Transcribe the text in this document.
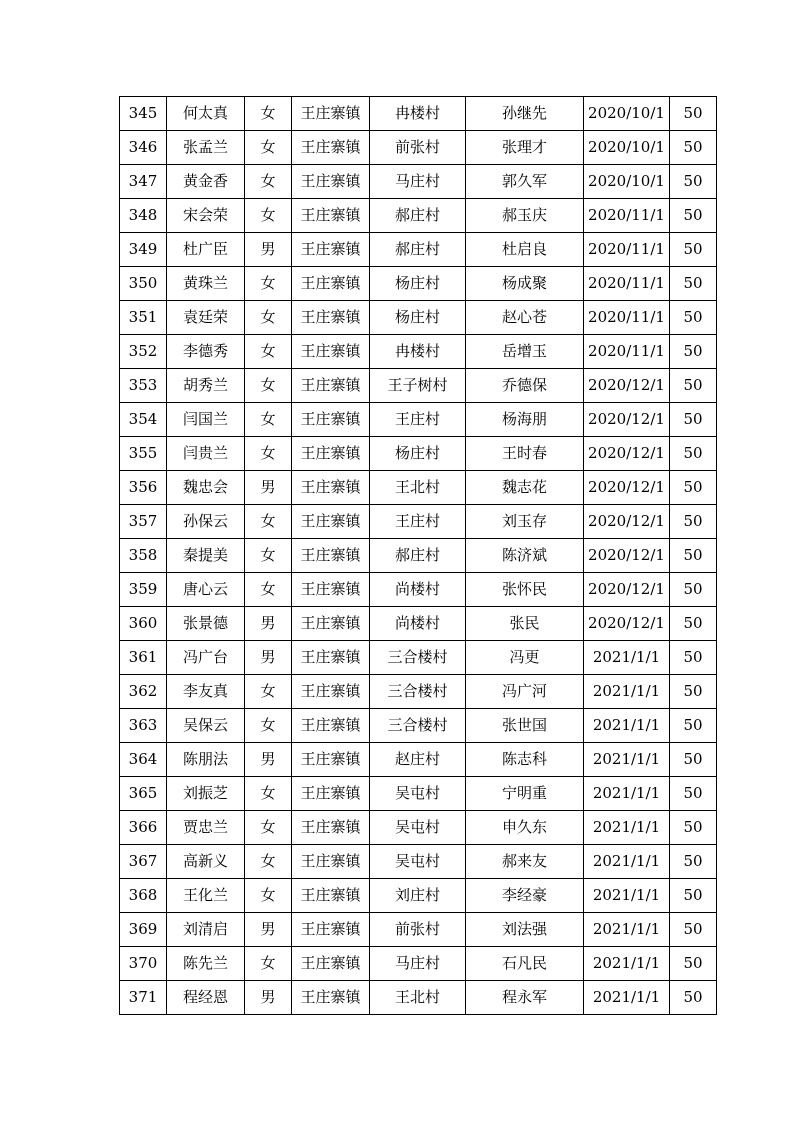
345	何太真	女	王庄寨镇	冉楼村	孙继先	2020/10/1	50
346	张孟兰	女	王庄寨镇	前张村	张理才	2020/10/1	50
347	黄金香	女	王庄寨镇	马庄村	郭久军	2020/10/1	50
348	宋会荣	女	王庄寨镇	郝庄村	郝玉庆	2020/11/1	50
349	杜广臣	男	王庄寨镇	郝庄村	杜启良	2020/11/1	50
350	黄珠兰	女	王庄寨镇	杨庄村	杨成聚	2020/11/1	50
351	袁廷荣	女	王庄寨镇	杨庄村	赵心苍	2020/11/1	50
352	李德秀	女	王庄寨镇	冉楼村	岳增玉	2020/11/1	50
353	胡秀兰	女	王庄寨镇	王子树村	乔德保	2020/12/1	50
354	闫国兰	女	王庄寨镇	王庄村	杨海朋	2020/12/1	50
355	闫贵兰	女	王庄寨镇	杨庄村	王时春	2020/12/1	50
356	魏忠会	男	王庄寨镇	王北村	魏志花	2020/12/1	50
357	孙保云	女	王庄寨镇	王庄村	刘玉存	2020/12/1	50
358	秦提美	女	王庄寨镇	郝庄村	陈济斌	2020/12/1	50
359	唐心云	女	王庄寨镇	尚楼村	张怀民	2020/12/1	50
360	张景德	男	王庄寨镇	尚楼村	张民	2020/12/1	50
361	冯广台	男	王庄寨镇	三合楼村	冯更	2021/1/1	50
362	李友真	女	王庄寨镇	三合楼村	冯广河	2021/1/1	50
363	吴保云	女	王庄寨镇	三合楼村	张世国	2021/1/1	50
364	陈朋法	男	王庄寨镇	赵庄村	陈志科	2021/1/1	50
365	刘振芝	女	王庄寨镇	吴屯村	宁明重	2021/1/1	50
366	贾忠兰	女	王庄寨镇	吴屯村	申久东	2021/1/1	50
367	高新义	女	王庄寨镇	吴屯村	郝来友	2021/1/1	50
368	王化兰	女	王庄寨镇	刘庄村	李经豪	2021/1/1	50
369	刘清启	男	王庄寨镇	前张村	刘法强	2021/1/1	50
370	陈先兰	女	王庄寨镇	马庄村	石凡民	2021/1/1	50
371	程经恩	男	王庄寨镇	王北村	程永军	2021/1/1	50
